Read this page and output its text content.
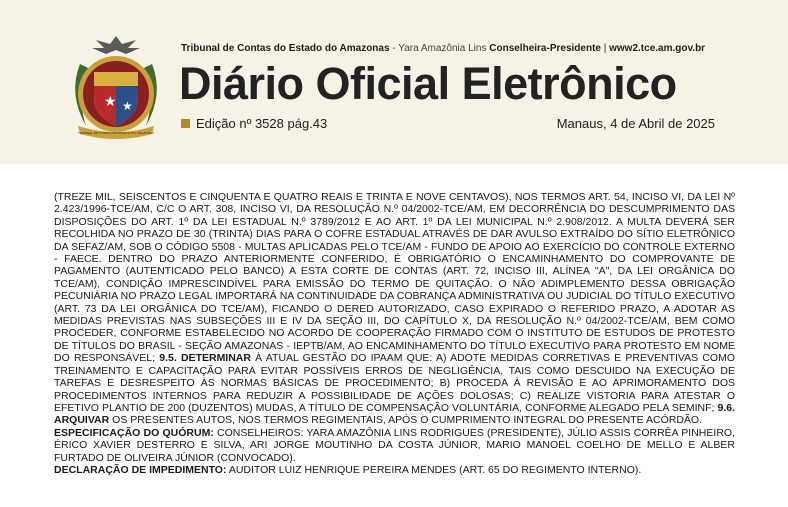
★ ★
TRIBUNAL DE CONTAS DO ESTADO DO AMAZONAS
Tribunal de Contas do Estado do Amazonas - Yara Amazônia Lins Conselheira-Presidente | www2.tce.am.gov.br
Diário Oficial Eletrônico
Edição nº 3528 pág.43	Manaus, 4 de Abril de 2025

(TREZE MIL, SEISCENTOS E CINQUENTA E QUATRO REAIS E TRINTA E NOVE CENTAVOS), NOS TERMOS ART. 54, INCISO VI, DA LEI Nº 2.423/1996-TCE/AM, C/C O ART. 308, INCISO VI, DA RESOLUÇÃO N.º 04/2002-TCE/AM, EM DECORRÊNCIA DO DESCUMPRIMENTO DAS DISPOSIÇÕES DO ART. 1º DA LEI ESTADUAL N.º 3789/2012 E AO ART. 1º DA LEI MUNICIPAL N.º 2.908/2012. A MULTA DEVERÁ SER RECOLHIDA NO PRAZO DE 30 (TRINTA) DIAS PARA O COFRE ESTADUAL ATRAVÉS DE DAR AVULSO EXTRAÍDO DO SÍTIO ELETRÔNICO DA SEFAZ/AM, SOB O CÓDIGO 5508 - MULTAS APLICADAS PELO TCE/AM - FUNDO DE APOIO AO EXERCÍCIO DO CONTROLE EXTERNO - FAECE. DENTRO DO PRAZO ANTERIORMENTE CONFERIDO, É OBRIGATÓRIO O ENCAMINHAMENTO DO COMPROVANTE DE PAGAMENTO (AUTENTICADO PELO BANCO) A ESTA CORTE DE CONTAS (ART. 72, INCISO III, ALÍNEA "A", DA LEI ORGÂNICA DO TCE/AM), CONDIÇÃO IMPRESCINDÍVEL PARA EMISSÃO DO TERMO DE QUITAÇÃO. O NÃO ADIMPLEMENTO DESSA OBRIGAÇÃO PECUNIÁRIA NO PRAZO LEGAL IMPORTARÁ NA CONTINUIDADE DA COBRANÇA ADMINISTRATIVA OU JUDICIAL DO TÍTULO EXECUTIVO (ART. 73 DA LEI ORGÂNICA DO TCE/AM), FICANDO O DERED AUTORIZADO, CASO EXPIRADO O REFERIDO PRAZO, A ADOTAR AS MEDIDAS PREVISTAS NAS SUBSEÇÕES III E IV DA SEÇÃO III, DO CAPÍTULO X, DA RESOLUÇÃO N.º 04/2002-TCE/AM, BEM COMO PROCEDER, CONFORME ESTABELECIDO NO ACORDO DE COOPERAÇÃO FIRMADO COM O INSTITUTO DE ESTUDOS DE PROTESTO DE TÍTULOS DO BRASIL - SEÇÃO AMAZONAS - IEPTB/AM, AO ENCAMINHAMENTO DO TÍTULO EXECUTIVO PARA PROTESTO EM NOME DO RESPONSÁVEL; 9.5. DETERMINAR À ATUAL GESTÃO DO IPAAM QUE: A) ADOTE MEDIDAS CORRETIVAS E PREVENTIVAS COMO TREINAMENTO E CAPACITAÇÃO PARA EVITAR POSSÍVEIS ERROS DE NEGLIGÊNCIA, TAIS COMO DESCUIDO NA EXECUÇÃO DE TAREFAS E DESRESPEITO ÀS NORMAS BÁSICAS DE PROCEDIMENTO; B) PROCEDA À REVISÃO E AO APRIMORAMENTO DOS PROCEDIMENTOS INTERNOS PARA REDUZIR A POSSIBILIDADE DE AÇÕES DOLOSAS; C) REALIZE VISTORIA PARA ATESTAR O EFETIVO PLANTIO DE 200 (DUZENTOS) MUDAS, A TÍTULO DE COMPENSAÇÃO VOLUNTÁRIA, CONFORME ALEGADO PELA SEMINF; 9.6. ARQUIVAR OS PRESENTES AUTOS, NOS TERMOS REGIMENTAIS, APÓS O CUMPRIMENTO INTEGRAL DO PRESENTE ACÓRDÃO.

ESPECIFICAÇÃO DO QUÓRUM: CONSELHEIROS: YARA AMAZÔNIA LINS RODRIGUES (PRESIDENTE), JÚLIO ASSIS CORRÊA PINHEIRO, ÉRICO XAVIER DESTERRO E SILVA, ARI JORGE MOUTINHO DA COSTA JÚNIOR, MARIO MANOEL COELHO DE MELLO E ALBER FURTADO DE OLIVEIRA JÚNIOR (CONVOCADO).

DECLARAÇÃO DE IMPEDIMENTO: AUDITOR LUIZ HENRIQUE PEREIRA MENDES (ART. 65 DO REGIMENTO INTERNO).
